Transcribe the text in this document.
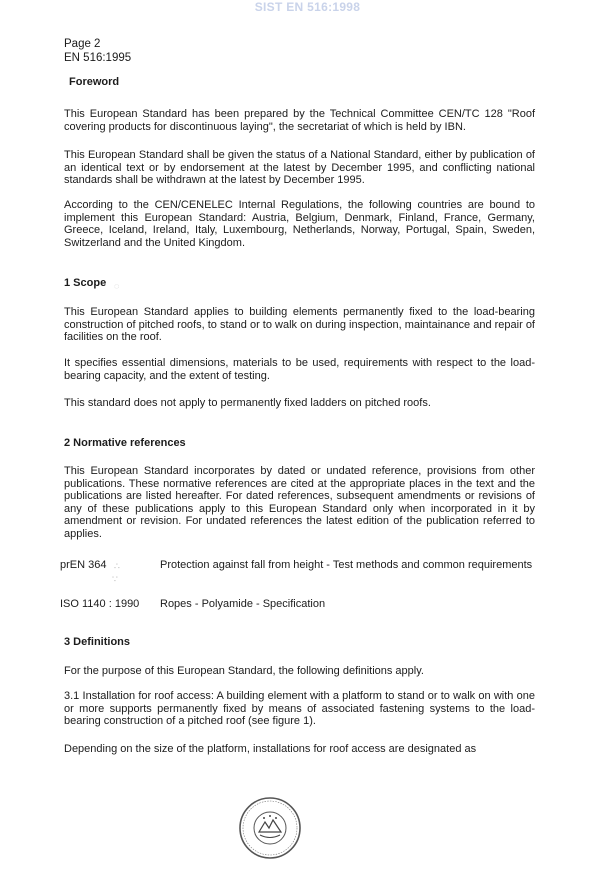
SIST EN 516:1998
Page 2
EN 516:1995
Foreword
This European Standard has been prepared by the Technical Committee CEN/TC 128 "Roof covering products for discontinuous laying", the secretariat of which is held by IBN.
This European Standard shall be given the status of a National Standard, either by publication of an identical text or by endorsement at the latest by December 1995, and conflicting national standards shall be withdrawn at the latest by December 1995.
According to the CEN/CENELEC Internal Regulations, the following countries are bound to implement this European Standard: Austria, Belgium, Denmark, Finland, France, Germany, Greece, Iceland, Ireland, Italy, Luxembourg, Netherlands, Norway, Portugal, Spain, Sweden, Switzerland and the United Kingdom.
1 Scope
This European Standard applies to building elements permanently fixed to the load-bearing construction of pitched roofs, to stand or to walk on during inspection, maintainance and repair of facilities on the roof.
It specifies essential dimensions, materials to be used, requirements with respect to the load-bearing capacity, and the extent of testing.
This standard does not apply to permanently fixed ladders on pitched roofs.
2 Normative references
This European Standard incorporates by dated or undated reference, provisions from other publications. These normative references are cited at the appropriate places in the text and the publications are listed hereafter. For dated references, subsequent amendments or revisions of any of these publications apply to this European Standard only when incorporated in it by amendment or revision. For undated references the latest edition of the publication referred to applies.
prEN 364	Protection against fall from height - Test methods and common requirements
ISO 1140 : 1990	Ropes - Polyamide - Specification
3 Definitions
For the purpose of this European Standard, the following definitions apply.
3.1 Installation for roof access: A building element with a platform to stand or to walk on with one or more supports permanently fixed by means of associated fastening systems to the load-bearing construction of a pitched roof (see figure 1).
Depending on the size of the platform, installations for roof access are designated as
◌
∴
∵
